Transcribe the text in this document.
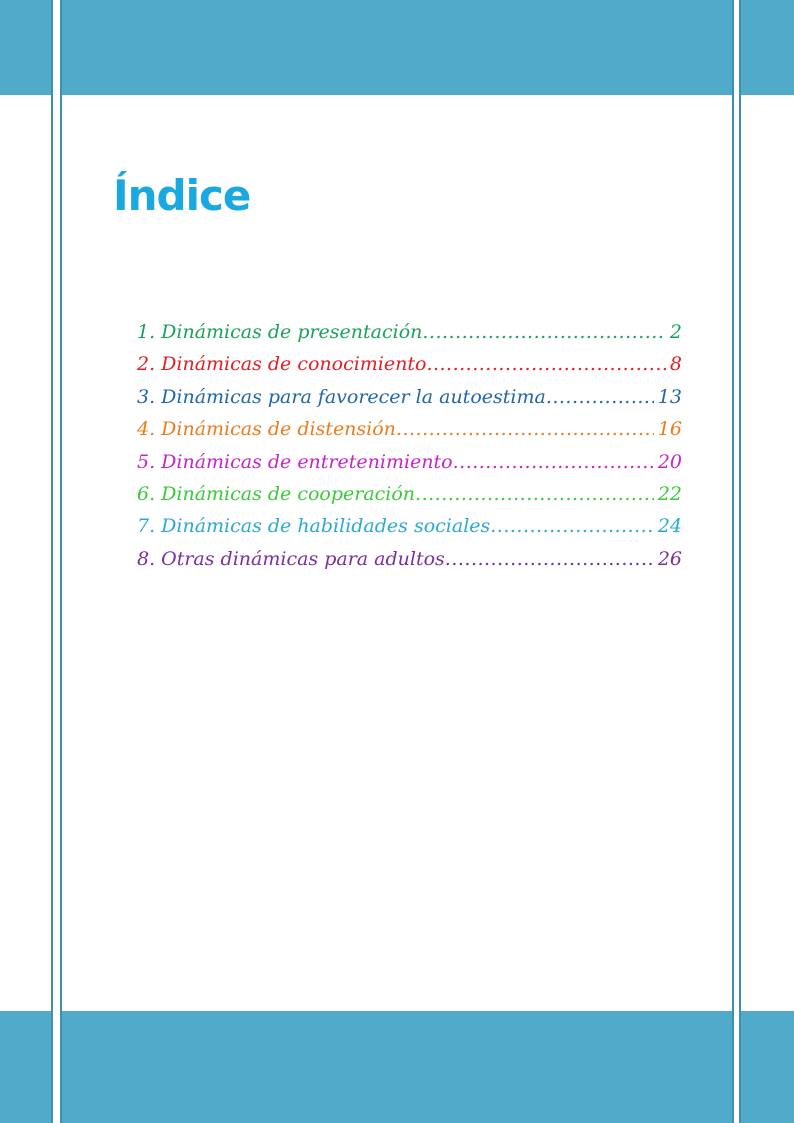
Índice
1. Dinámicas de presentación .....	2
2. Dinámicas de conocimiento .....	8
3. Dinámicas para favorecer la autoestima .....	13
4. Dinámicas de distensión .....	16
5. Dinámicas de entretenimiento .....	20
6. Dinámicas de cooperación .....	22
7. Dinámicas de habilidades sociales .....	24
8. Otras dinámicas para adultos .....	26
